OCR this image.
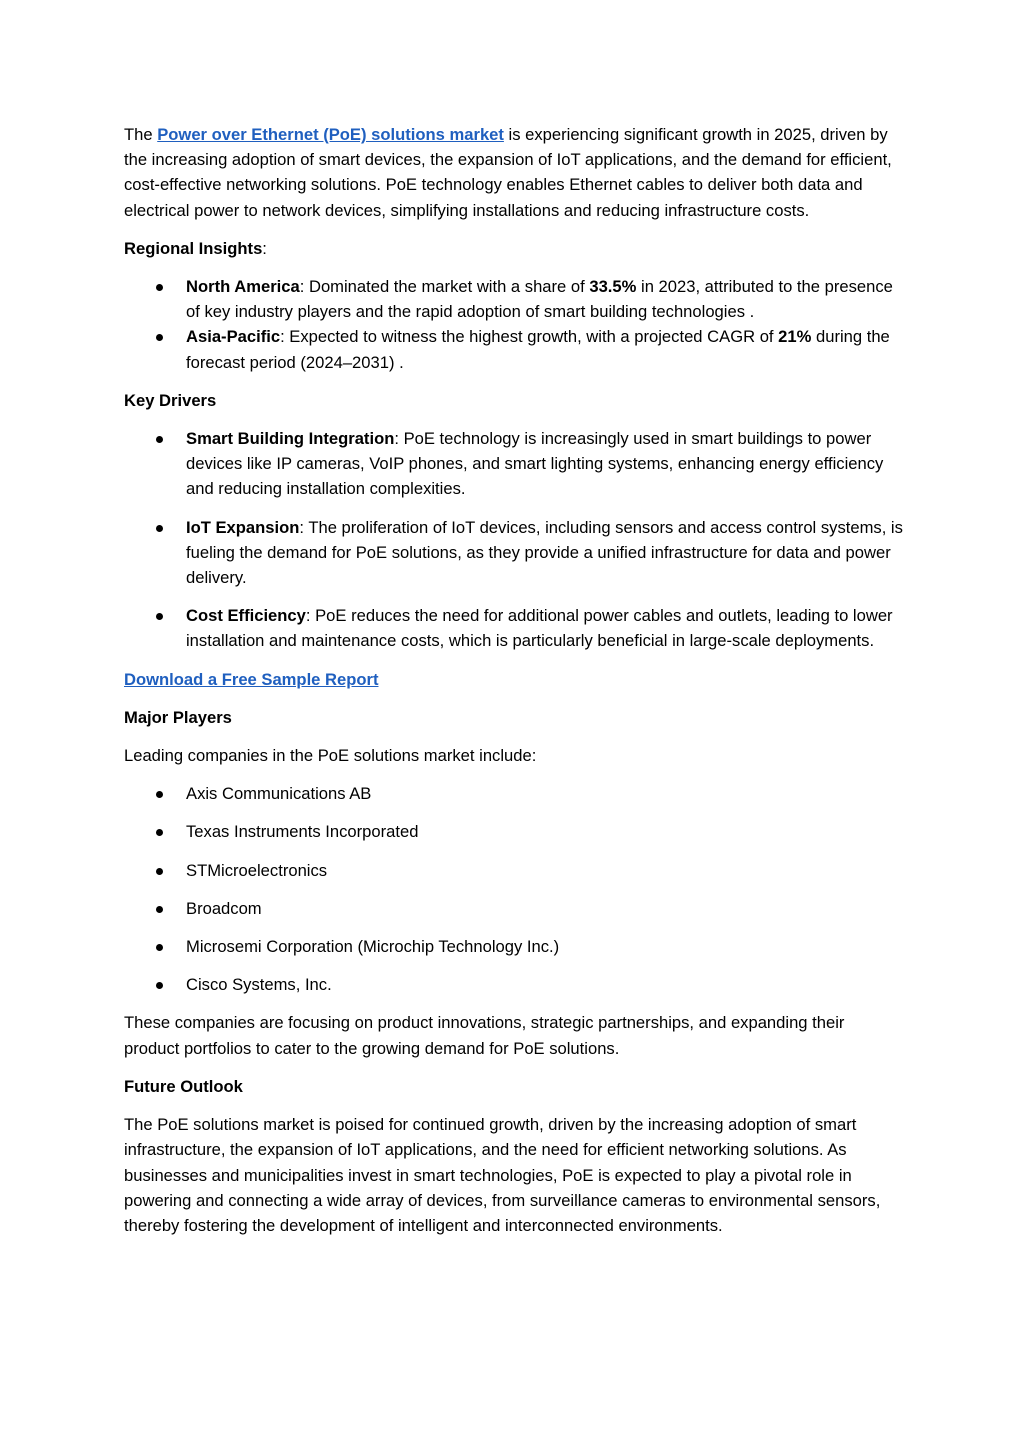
The Power over Ethernet (PoE) solutions market is experiencing significant growth in 2025, driven by the increasing adoption of smart devices, the expansion of IoT applications, and the demand for efficient, cost-effective networking solutions. PoE technology enables Ethernet cables to deliver both data and electrical power to network devices, simplifying installations and reducing infrastructure costs.

Regional Insights:

North America: Dominated the market with a share of 33.5% in 2023, attributed to the presence of key industry players and the rapid adoption of smart building technologies .
Asia-Pacific: Expected to witness the highest growth, with a projected CAGR of 21% during the forecast period (2024–2031) .

Key Drivers

Smart Building Integration: PoE technology is increasingly used in smart buildings to power devices like IP cameras, VoIP phones, and smart lighting systems, enhancing energy efficiency and reducing installation complexities.
IoT Expansion: The proliferation of IoT devices, including sensors and access control systems, is fueling the demand for PoE solutions, as they provide a unified infrastructure for data and power delivery.
Cost Efficiency: PoE reduces the need for additional power cables and outlets, leading to lower installation and maintenance costs, which is particularly beneficial in large-scale deployments.

Download a Free Sample Report

Major Players

Leading companies in the PoE solutions market include:

Axis Communications AB
Texas Instruments Incorporated
STMicroelectronics
Broadcom
Microsemi Corporation (Microchip Technology Inc.)
Cisco Systems, Inc.

These companies are focusing on product innovations, strategic partnerships, and expanding their product portfolios to cater to the growing demand for PoE solutions.

Future Outlook

The PoE solutions market is poised for continued growth, driven by the increasing adoption of smart infrastructure, the expansion of IoT applications, and the need for efficient networking solutions. As businesses and municipalities invest in smart technologies, PoE is expected to play a pivotal role in powering and connecting a wide array of devices, from surveillance cameras to environmental sensors, thereby fostering the development of intelligent and interconnected environments.
